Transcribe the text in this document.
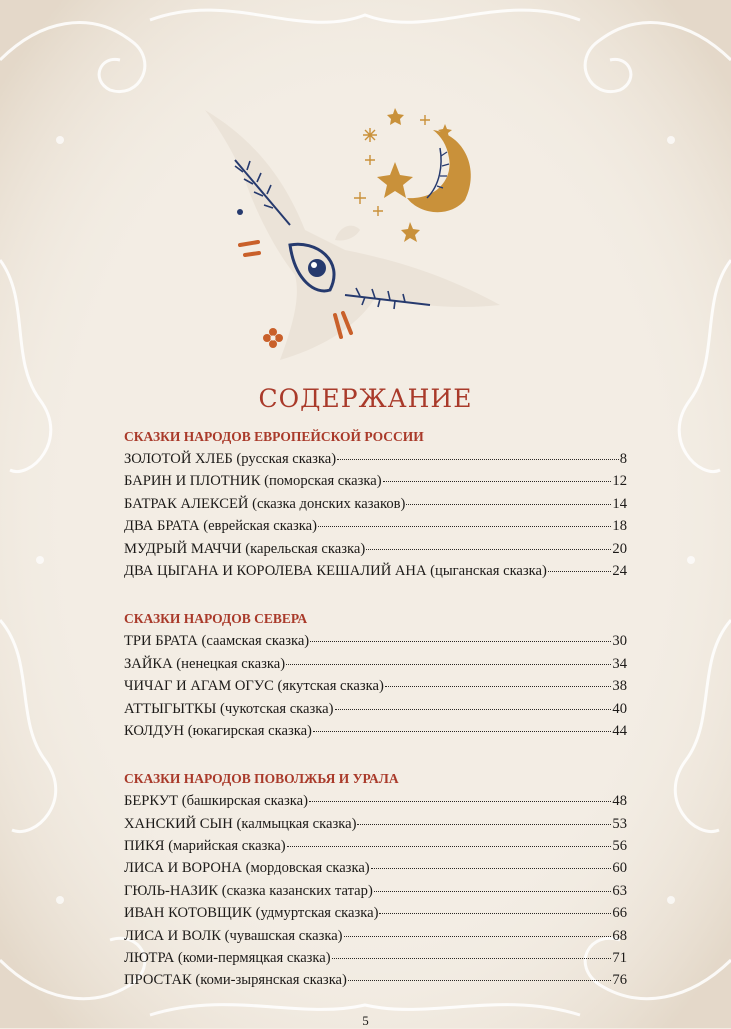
СОДЕРЖАНИЕ
СКАЗКИ НАРОДОВ ЕВРОПЕЙСКОЙ РОССИИ
ЗОЛОТОЙ ХЛЕБ (русская сказка)	8
БАРИН И ПЛОТНИК (поморская сказка)	12
БАТРАК АЛЕКСЕЙ (сказка донских казаков)	14
ДВА БРАТА (еврейская сказка)	18
МУДРЫЙ МАЧЧИ (карельская сказка)	20
ДВА ЦЫГАНА И КОРОЛЕВА КЕШАЛИЙ АНА (цыганская сказка)	24
СКАЗКИ НАРОДОВ СЕВЕРА
ТРИ БРАТА (саамская сказка)	30
ЗАЙКА (ненецкая сказка)	34
ЧИЧАГ И АГАМ ОГУС (якутская сказка)	38
АТТЫГЫТКЫ (чукотская сказка)	40
КОЛДУН (юкагирская сказка)	44
СКАЗКИ НАРОДОВ ПОВОЛЖЬЯ И УРАЛА
БЕРКУТ (башкирская сказка)	48
ХАНСКИЙ СЫН (калмыцкая сказка)	53
ПИКЯ (марийская сказка)	56
ЛИСА И ВОРОНА (мордовская сказка)	60
ГЮЛЬ-НАЗИК (сказка казанских татар)	63
ИВАН КОТОВЩИК (удмуртская сказка)	66
ЛИСА И ВОЛК (чувашская сказка)	68
ЛЮТРА (коми-пермяцкая сказка)	71
ПРОСТАК (коми-зырянская сказка)	76
5
